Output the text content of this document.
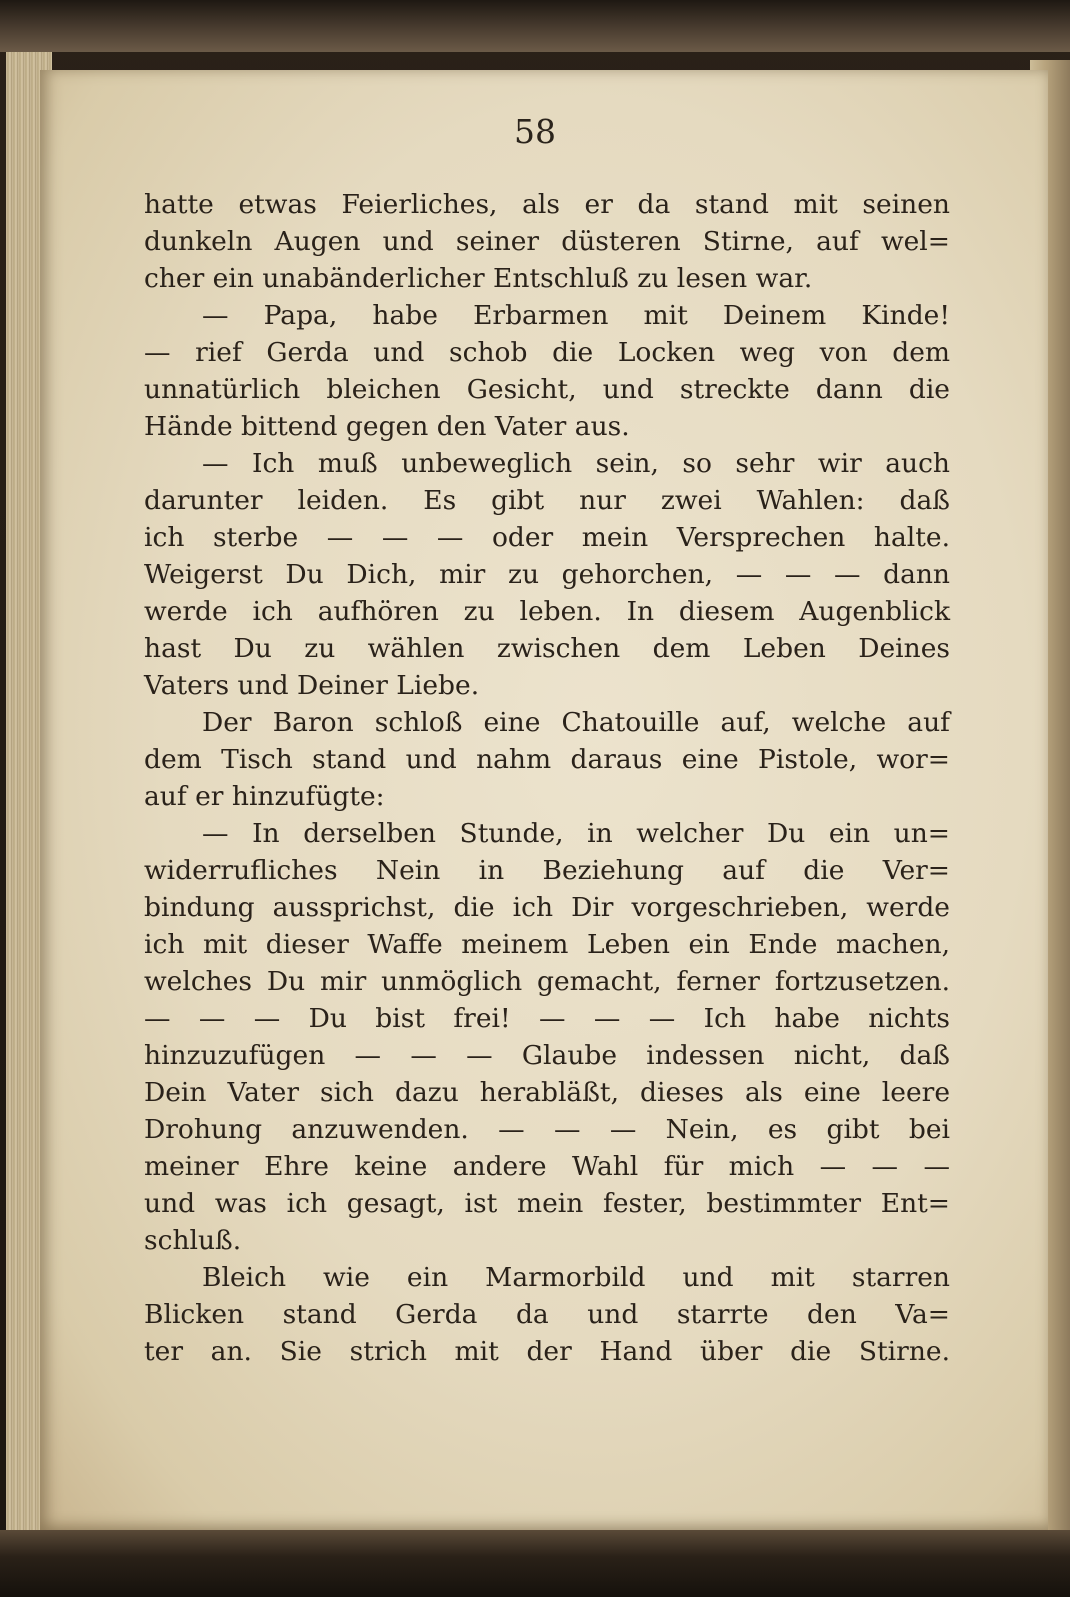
58
hatte etwas Feierliches, als er da stand mit seinen
dunkeln Augen und seiner düsteren Stirne, auf wel=
cher ein unabänderlicher Entschluß zu lesen war.
— Papa, habe Erbarmen mit Deinem Kinde!
— rief Gerda und schob die Locken weg von dem
unnatürlich bleichen Gesicht, und streckte dann die
Hände bittend gegen den Vater aus.
— Ich muß unbeweglich sein, so sehr wir auch
darunter leiden. Es gibt nur zwei Wahlen: daß
ich sterbe — — — oder mein Versprechen halte.
Weigerst Du Dich, mir zu gehorchen, — — — dann
werde ich aufhören zu leben. In diesem Augenblick
hast Du zu wählen zwischen dem Leben Deines
Vaters und Deiner Liebe.
Der Baron schloß eine Chatouille auf, welche auf
dem Tisch stand und nahm daraus eine Pistole, wor=
auf er hinzufügte:
— In derselben Stunde, in welcher Du ein un=
widerrufliches Nein in Beziehung auf die Ver=
bindung aussprichst, die ich Dir vorgeschrieben, werde
ich mit dieser Waffe meinem Leben ein Ende machen,
welches Du mir unmöglich gemacht, ferner fortzusetzen.
— — — Du bist frei! — — — Ich habe nichts
hinzuzufügen — — — Glaube indessen nicht, daß
Dein Vater sich dazu herabläßt, dieses als eine leere
Drohung anzuwenden. — — — Nein, es gibt bei
meiner Ehre keine andere Wahl für mich — — —
und was ich gesagt, ist mein fester, bestimmter Ent=
schluß.
Bleich wie ein Marmorbild und mit starren
Blicken stand Gerda da und starrte den Va=
ter an. Sie strich mit der Hand über die Stirne.
